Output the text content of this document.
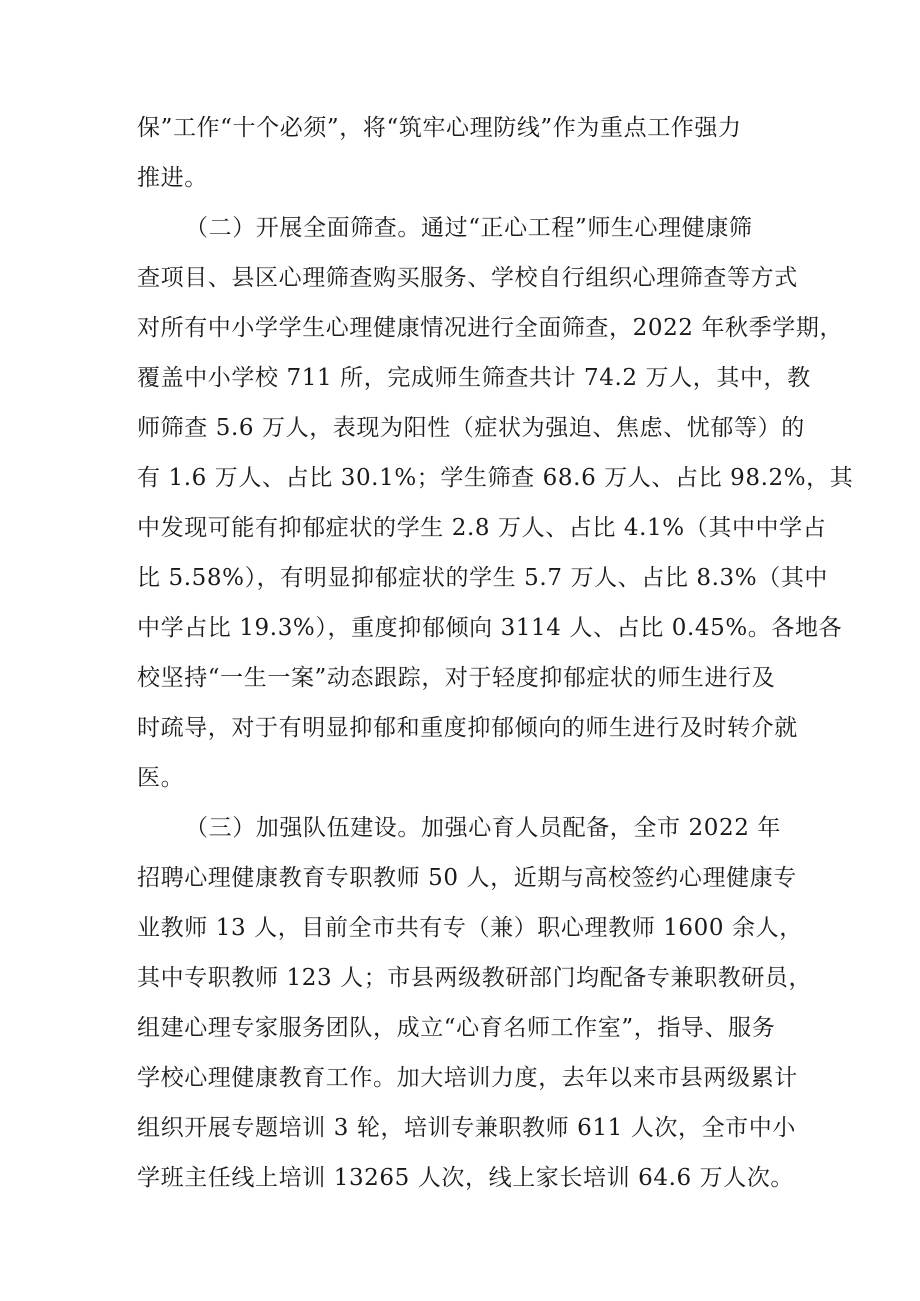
保”工作“十个必须”，将“筑牢心理防线”作为重点工作强力
推进。
（二）开展全面筛查。通过“正心工程”师生心理健康筛
查项目、县区心理筛查购买服务、学校自行组织心理筛查等方式
对所有中小学学生心理健康情况进行全面筛查，2022 年秋季学期，
覆盖中小学校 711 所，完成师生筛查共计 74.2 万人，其中，教
师筛查 5.6 万人，表现为阳性（症状为强迫、焦虑、忧郁等）的
有 1.6 万人、占比 30.1%；学生筛查 68.6 万人、占比 98.2%，其
中发现可能有抑郁症状的学生 2.8 万人、占比 4.1%（其中中学占
比 5.58%），有明显抑郁症状的学生 5.7 万人、占比 8.3%（其中
中学占比 19.3%），重度抑郁倾向 3114 人、占比 0.45%。各地各
校坚持“一生一案”动态跟踪，对于轻度抑郁症状的师生进行及
时疏导，对于有明显抑郁和重度抑郁倾向的师生进行及时转介就
医。
（三）加强队伍建设。加强心育人员配备，全市 2022 年
招聘心理健康教育专职教师 50 人，近期与高校签约心理健康专
业教师 13 人，目前全市共有专（兼）职心理教师 1600 余人，
其中专职教师 123 人；市县两级教研部门均配备专兼职教研员，
组建心理专家服务团队，成立“心育名师工作室”，指导、服务
学校心理健康教育工作。加大培训力度，去年以来市县两级累计
组织开展专题培训 3 轮，培训专兼职教师 611 人次，全市中小
学班主任线上培训 13265 人次，线上家长培训 64.6 万人次。
